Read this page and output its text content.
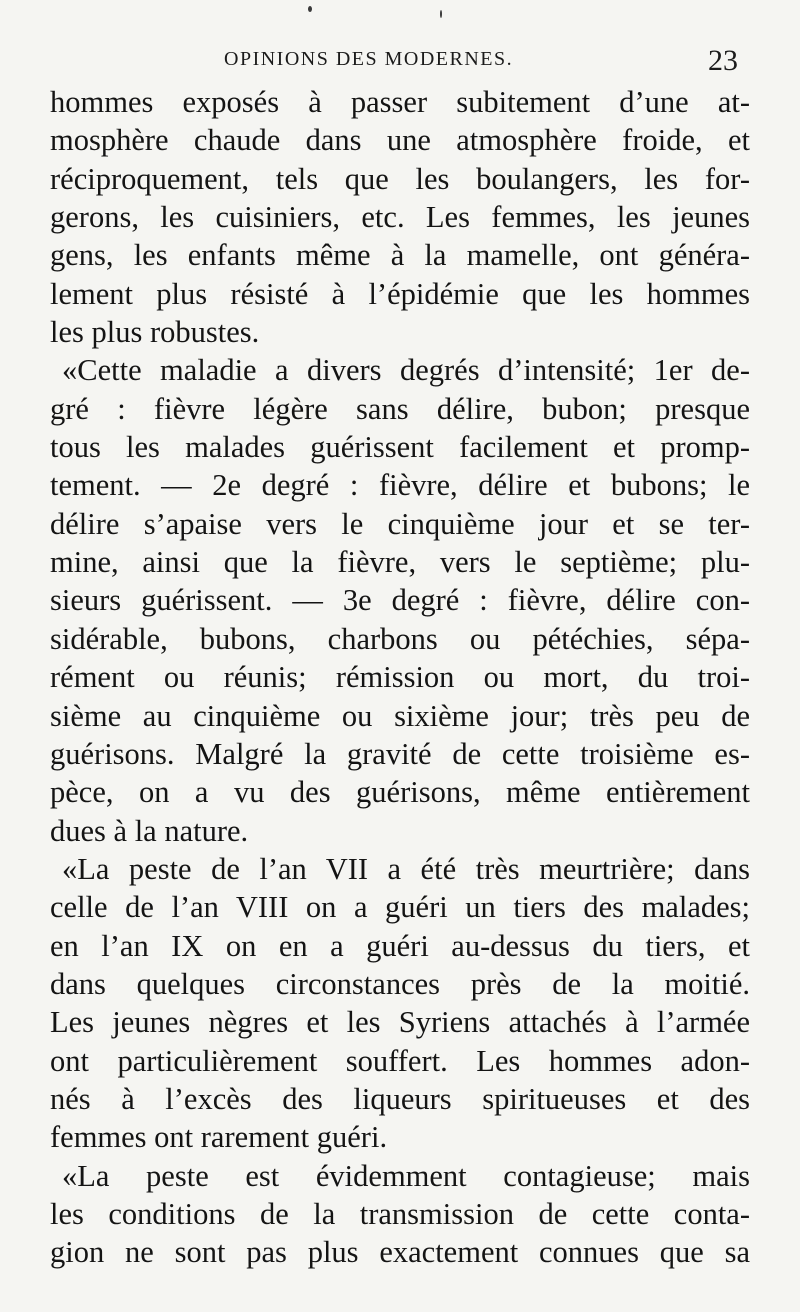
OPINIONS DES MODERNES.	23
hommes exposés à passer subitement d’une at-
mosphère chaude dans une atmosphère froide, et
réciproquement, tels que les boulangers, les for-
gerons, les cuisiniers, etc. Les femmes, les jeunes
gens, les enfants même à la mamelle, ont généra-
lement plus résisté à l’épidémie que les hommes
les plus robustes.
«Cette maladie a divers degrés d’intensité; 1er de-
gré : fièvre légère sans délire, bubon; presque
tous les malades guérissent facilement et promp-
tement. — 2e degré : fièvre, délire et bubons; le
délire s’apaise vers le cinquième jour et se ter-
mine, ainsi que la fièvre, vers le septième; plu-
sieurs guérissent. — 3e degré : fièvre, délire con-
sidérable, bubons, charbons ou pétéchies, sépa-
rément ou réunis; rémission ou mort, du troi-
sième au cinquième ou sixième jour; très peu de
guérisons. Malgré la gravité de cette troisième es-
pèce, on a vu des guérisons, même entièrement
dues à la nature.
«La peste de l’an VII a été très meurtrière; dans
celle de l’an VIII on a guéri un tiers des malades;
en l’an IX on en a guéri au-dessus du tiers, et
dans quelques circonstances près de la moitié.
Les jeunes nègres et les Syriens attachés à l’armée
ont particulièrement souffert. Les hommes adon-
nés à l’excès des liqueurs spiritueuses et des
femmes ont rarement guéri.
«La peste est évidemment contagieuse; mais
les conditions de la transmission de cette conta-
gion ne sont pas plus exactement connues que sa
